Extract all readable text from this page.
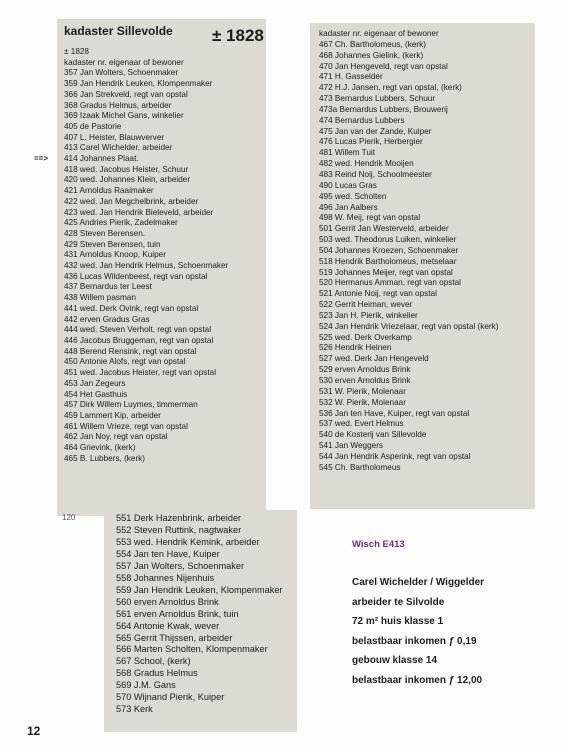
kadaster Sillevolde ± 1828
± 1828
kadaster nr. eigenaar of bewoner
357 Jan Wolters, Schoenmaker
359 Jan Hendrik Leuken, Klompenmaker
366 Jan Strekveld, regt van opstal
368 Gradus Helmus, arbeider
369 Izaak Michel Gans, winkelier
405 de Pastorie
407 L. Heister, Blauwverver
413 Carel Wichelder, arbeider
414 Johannes Plaat.
418 wed. Jacobus Heister, Schuur
420 wed. Johannes Klein, arbeider
421 Arnoldus Raaimaker
422 wed. Jan Megchelbrink, arbeider
423 wed. Jan Hendrik Bieleveld, arbeider
425 Andries Pierik, Zadelmaker
428 Steven Berensen.
429 Steven Berensen, tuin
431 Arnoldus Knoop, Kuiper
432 wed. Jan Hendrik Helmus, Schoenmaker
436 Lucas Wildenbeest, regt van opstal
437 Bernardus ter Leest
438 Willem pasman
441 wed. Derk Ovink, regt van opstal
442 erven Gradus Gras
444 wed. Steven Verholt, regt van opstal
446 Jacobus Bruggeman, regt van opstal
448 Berend Rensink, regt van opstal
450 Antonie Alofs, regt van opstal
451 wed. Jacobus Heister, regt van opstal
453 Jan Zegeurs
454 Het Gasthuis
457 Dirk Willem Luymes, timmerman
459 Lammert Kip, arbeider
461 Willem Vrieze, regt van opstal
462 Jan Noy, regt van opstal
464 Grievink, (kerk)
465 B. Lubbers, (kerk)
kadaster nr. eigenaar of bewoner
467 Ch. Bartholomeus, (kerk)
468 Johannes Gielink, (kerk)
470 Jan Hengeveld, regt van opstal
471 H. Gasselder
472 H.J. Jansen, regt van opstal, (kerk)
473 Bernardus Lubbers, Schuur
473a Bernardus Lubbers, Brouwerij
474 Bernardus Lubbers
475 Jan van der Zande, Kuiper
476 Lucas Pierik, Herbergier
481 Willem Tuit
482 wed. Hendrik Mooijen
483 Reind Noij, Schoolmeester
490 Lucas Gras
495 wed. Scholten
496 Jan Aalbers
498 W. Meij, regt van opstal
501 Gerrit Jan Westerveld, arbeider
503 wed. Theodorus Luiken, winkelier
504 Johannes Kroezen, Schoenmaker
518 Hendrik Bartholomeus, metselaar
519 Johannes Meijer, regt van opstal
520 Hermanus Amman, regt van opstal
521 Antonie Noij, regt van opstal
522 Gerrit Heiman, wever
523 Jan H. Pierik, winkelier
524 Jan Hendrik Vriezelaar, regt van opstal (kerk)
525 wed. Derk Overkamp
526 Hendrik Heinen
527 wed. Derk Jan Hengeveld
529 erven Arnoldus Brink
530 erven Arnoldus Brink
531 W. Pierik, Molenaar
532 W. Pierik, Molenaar
536 Jan ten Have, Kuiper, regt van opstal
537 wed. Evert Helmus
540 de Kosterij van Sillevolde
541 Jan Weggers
544 Jan Hendrik Asperink, regt van opstal
545 Ch. Bartholomeus
551 Derk Hazenbrink, arbeider
552 Steven Ruttink, nagtwaker
553 wed. Hendrik Kemink, arbeider
554 Jan ten Have, Kuiper
557 Jan Wolters, Schoenmaker
558 Johannes Nijenhuis
559 Jan Hendrik Leuken, Klompenmaker
560 erven Arnoldus Brink
561 erven Arnoldus Brink, tuin
564 Antonie Kwak, wever
565 Gerrit Thijssen, arbeider
566 Marten Scholten, Klompenmaker
567 School, (kerk)
568 Gradus Helmus
569 J.M. Gans
570 Wijnand Pierik, Kuiper
573 Kerk
==>
120
Wisch E413
Carel Wichelder / Wiggelder
arbeider te Silvolde
72 m² huis klasse 1
belastbaar inkomen ƒ 0,19
gebouw klasse 14
belastbaar inkomen ƒ 12,00
12
